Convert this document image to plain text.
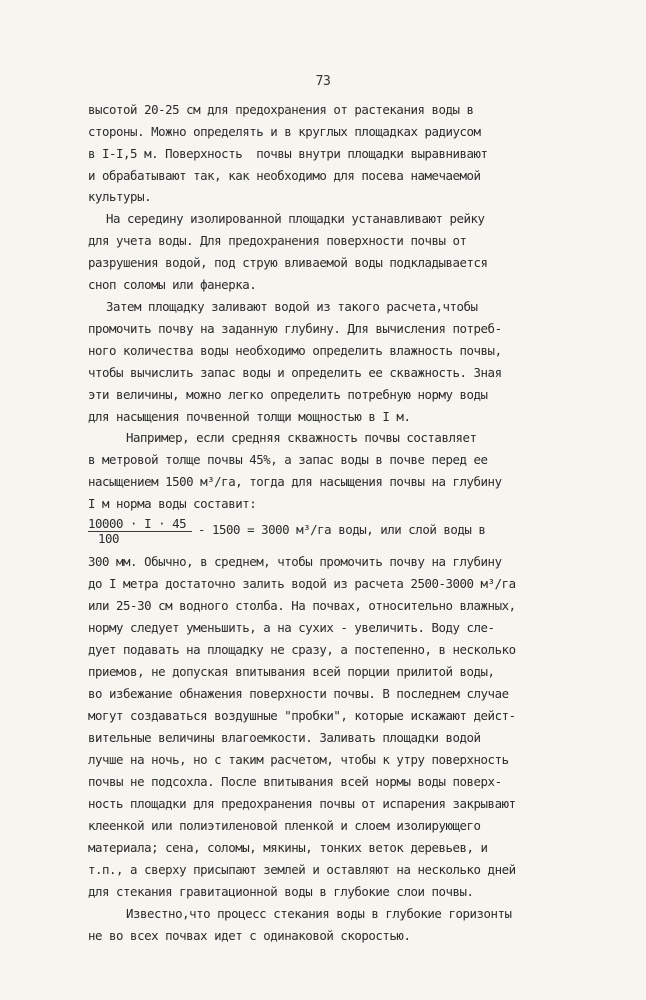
73
высотой 20-25 см для предохранения от растекания воды в
стороны. Можно определять и в круглых площадках радиусом
в I-I,5 м. Поверхность  почвы внутри площадки выравнивают
и обрабатывают так, как необходимо для посева намечаемой
культуры.
На середину изолированной площадки устанавливают рейку
для учета воды. Для предохранения поверхности почвы от
разрушения водой, под струю вливаемой воды подкладывается
сноп соломы или фанерка.
Затем площадку заливают водой из такого расчета,чтобы
промочить почву на заданную глубину. Для вычисления потреб-
ного количества воды необходимо определить влажность почвы,
чтобы вычислить запас воды и определить ее скважность. Зная
эти величины, можно легко определить потребную норму воды
для насыщения почвенной толщи мощностью в I м.
Например, если средняя скважность почвы составляет
в метровой толще почвы 45%, а запас воды в почве перед ее
насыщением 1500 м³/га, тогда для насыщения почвы на глубину
I м норма воды составит:
10000 · I · 45
100
- 1500 = 3000 м³/га воды, или слой воды в
300 мм. Обычно, в среднем, чтобы промочить почву на глубину
до I метра достаточно залить водой из расчета 2500-3000 м³/га
или 25-30 см водного столба. На почвах, относительно влажных,
норму следует уменьшить, а на сухих - увеличить. Воду сле-
дует подавать на площадку не сразу, а постепенно, в несколько
приемов, не допуская впитывания всей порции прилитой воды,
во избежание обнажения поверхности почвы. В последнем случае
могут создаваться воздушные "пробки", которые искажают дейст-
вительные величины влагоемкости. Заливать площадки водой
лучше на ночь, но с таким расчетом, чтобы к утру поверхность
почвы не подсохла. После впитывания всей нормы воды поверх-
ность площадки для предохранения почвы от испарения закрывают
клеенкой или полиэтиленовой пленкой и слоем изолирующего
материала; сена, соломы, мякины, тонких веток деревьев, и
т.п., а сверху присыпают землей и оставляют на несколько дней
для стекания гравитационной воды в глубокие слои почвы.
Известно,что процесс стекания воды в глубокие горизонты
не во всех почвах идет с одинаковой скоростью.
